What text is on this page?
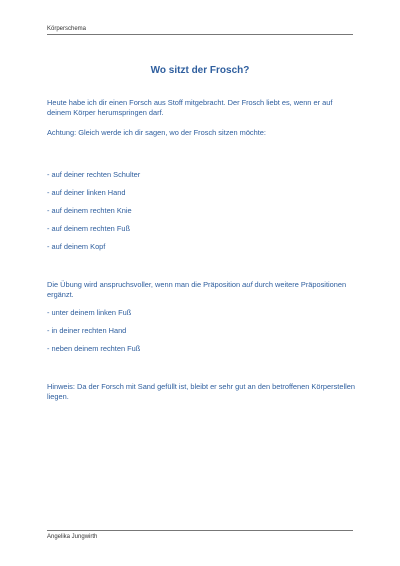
Körperschema
Wo sitzt der Frosch?
Heute habe ich dir einen Forsch aus Stoff mitgebracht. Der Frosch liebt es, wenn er auf deinem Körper herumspringen darf.
Achtung: Gleich werde ich dir sagen, wo der Frosch sitzen möchte:
- auf deiner rechten Schulter
- auf deiner linken Hand
- auf deinem rechten Knie
- auf deinem rechten Fuß
- auf deinem Kopf
Die Übung wird anspruchsvoller, wenn man die Präposition auf durch weitere Präpositionen ergänzt.
- unter deinem linken Fuß
- in deiner rechten Hand
- neben deinem rechten Fuß
Hinweis: Da der Forsch mit Sand gefüllt ist, bleibt er sehr gut an den betroffenen Körperstellen liegen.
Angelika Jungwirth
